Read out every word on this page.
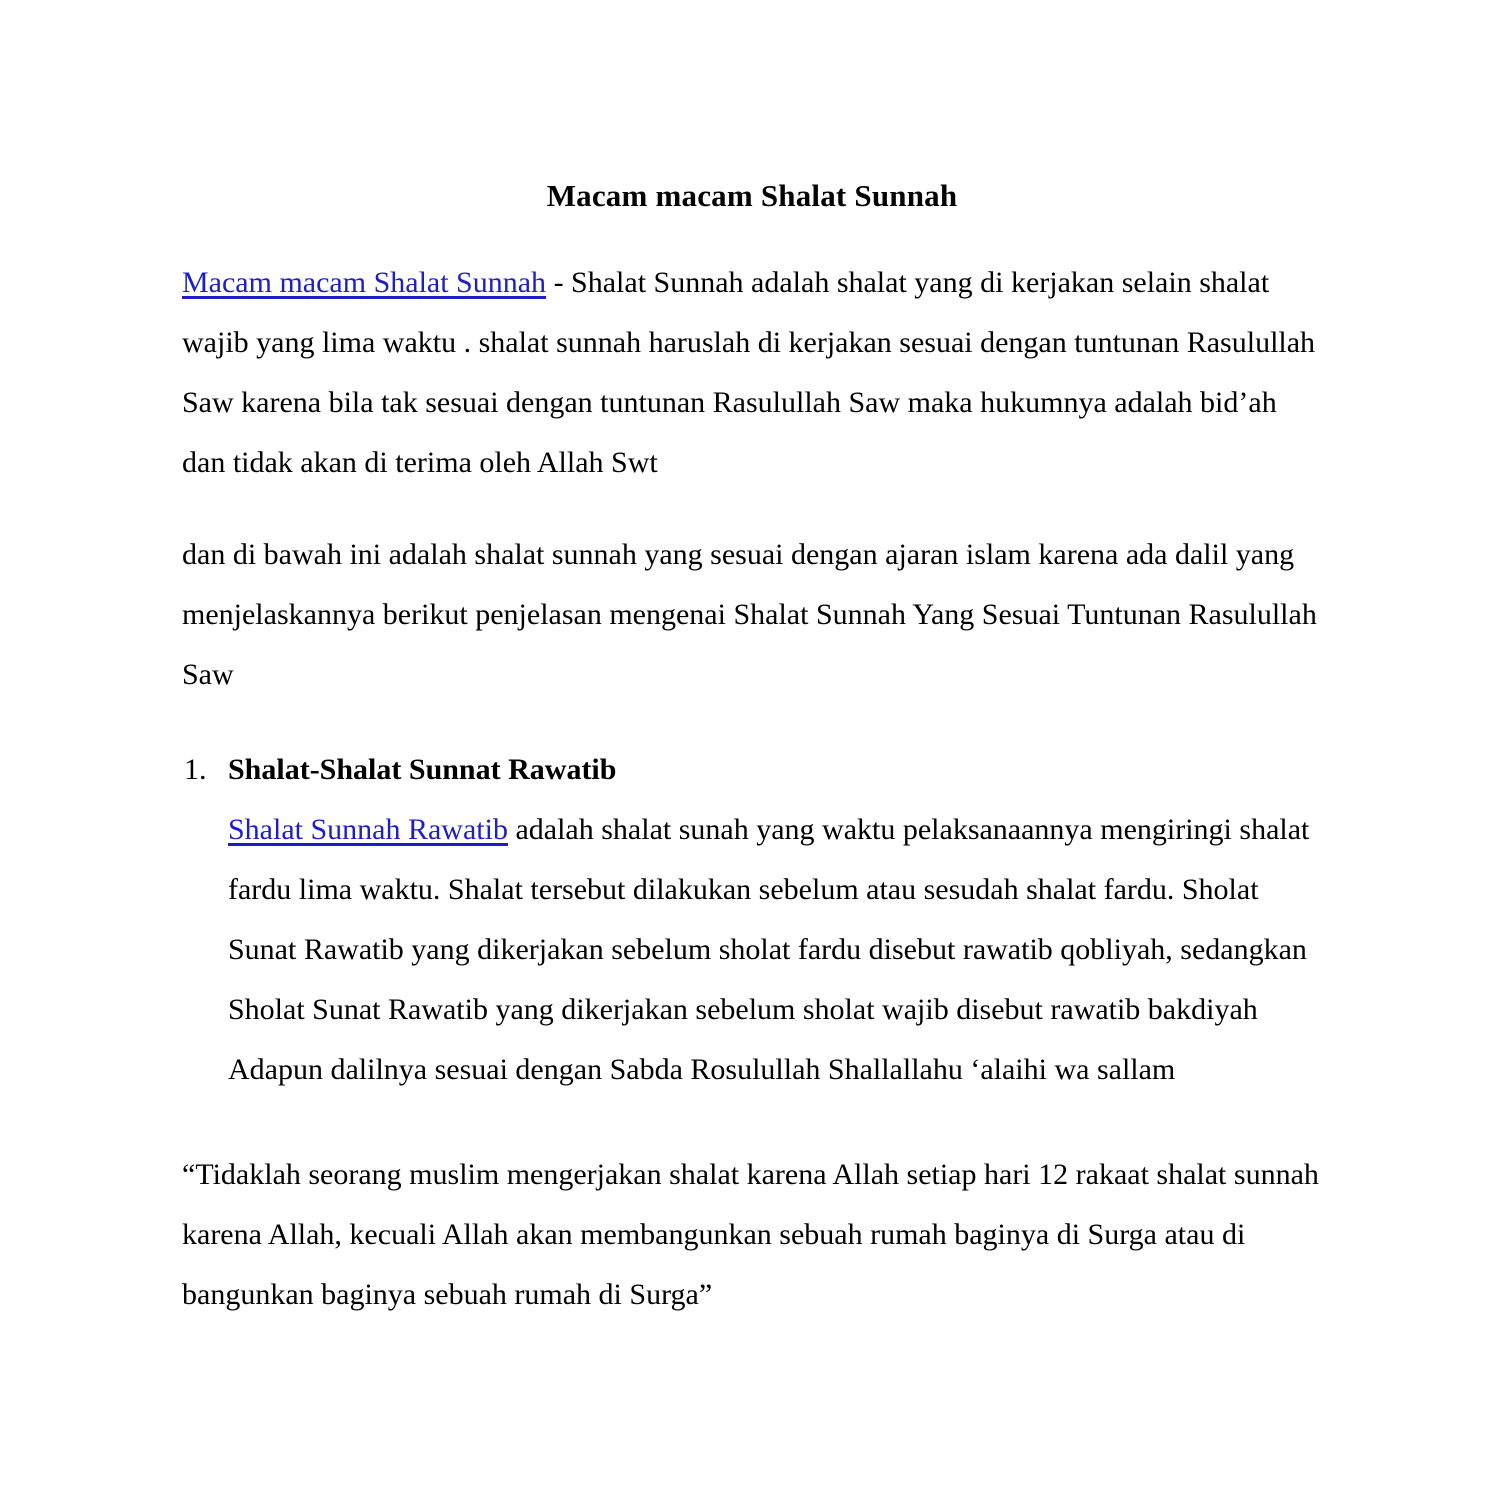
Macam macam Shalat Sunnah

Macam macam Shalat Sunnah - Shalat Sunnah adalah shalat yang di kerjakan selain shalat wajib yang lima waktu . shalat sunnah haruslah di kerjakan sesuai dengan tuntunan Rasulullah Saw karena bila tak sesuai dengan tuntunan Rasulullah Saw maka hukumnya adalah bid’ah dan tidak akan di terima oleh Allah Swt

dan di bawah ini adalah shalat sunnah yang sesuai dengan ajaran islam karena ada dalil yang menjelaskannya berikut penjelasan mengenai Shalat Sunnah Yang Sesuai Tuntunan Rasulullah Saw

1. Shalat-Shalat Sunnat Rawatib
Shalat Sunnah Rawatib adalah shalat sunah yang waktu pelaksanaannya mengiringi shalat fardu lima waktu. Shalat tersebut dilakukan sebelum atau sesudah shalat fardu. Sholat Sunat Rawatib yang dikerjakan sebelum sholat fardu disebut rawatib qobliyah, sedangkan Sholat Sunat Rawatib yang dikerjakan sebelum sholat wajib disebut rawatib bakdiyah
Adapun dalilnya sesuai dengan Sabda Rosulullah Shallallahu ‘alaihi wa sallam

“Tidaklah seorang muslim mengerjakan shalat karena Allah setiap hari 12 rakaat shalat sunnah karena Allah, kecuali Allah akan membangunkan sebuah rumah baginya di Surga atau di bangunkan baginya sebuah rumah di Surga”
